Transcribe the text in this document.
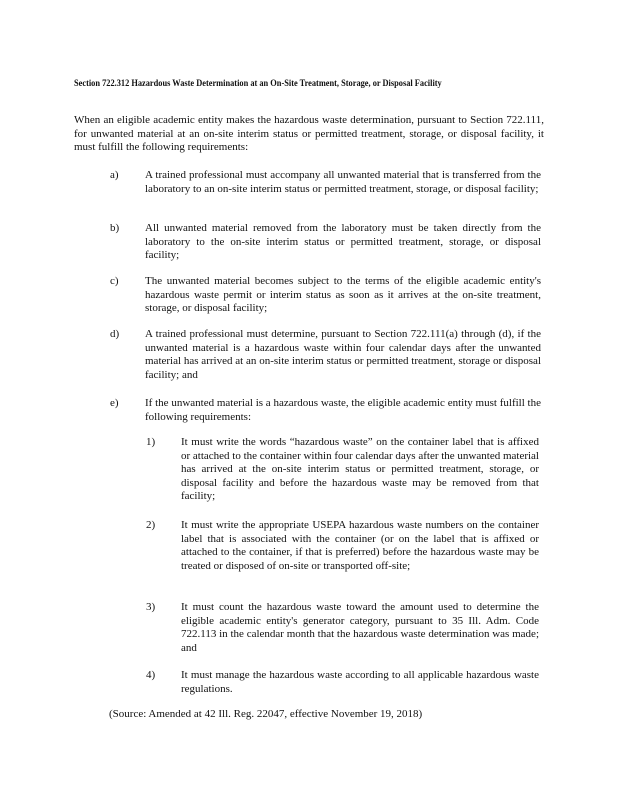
Section 722.312 Hazardous Waste Determination at an On-Site Treatment, Storage, or Disposal Facility
When an eligible academic entity makes the hazardous waste determination, pursuant to Section 722.111, for unwanted material at an on-site interim status or permitted treatment, storage, or disposal facility, it must fulfill the following requirements:
a) A trained professional must accompany all unwanted material that is transferred from the laboratory to an on-site interim status or permitted treatment, storage, or disposal facility;
b) All unwanted material removed from the laboratory must be taken directly from the laboratory to the on-site interim status or permitted treatment, storage, or disposal facility;
c) The unwanted material becomes subject to the terms of the eligible academic entity's hazardous waste permit or interim status as soon as it arrives at the on-site treatment, storage, or disposal facility;
d) A trained professional must determine, pursuant to Section 722.111(a) through (d), if the unwanted material is a hazardous waste within four calendar days after the unwanted material has arrived at an on-site interim status or permitted treatment, storage or disposal facility; and
e) If the unwanted material is a hazardous waste, the eligible academic entity must fulfill the following requirements:
1) It must write the words “hazardous waste” on the container label that is affixed or attached to the container within four calendar days after the unwanted material has arrived at the on-site interim status or permitted treatment, storage, or disposal facility and before the hazardous waste may be removed from that facility;
2) It must write the appropriate USEPA hazardous waste numbers on the container label that is associated with the container (or on the label that is affixed or attached to the container, if that is preferred) before the hazardous waste may be treated or disposed of on-site or transported off-site;
3) It must count the hazardous waste toward the amount used to determine the eligible academic entity's generator category, pursuant to 35 Ill. Adm. Code 722.113 in the calendar month that the hazardous waste determination was made; and
4) It must manage the hazardous waste according to all applicable hazardous waste regulations.
(Source: Amended at 42 Ill. Reg. 22047, effective November 19, 2018)
